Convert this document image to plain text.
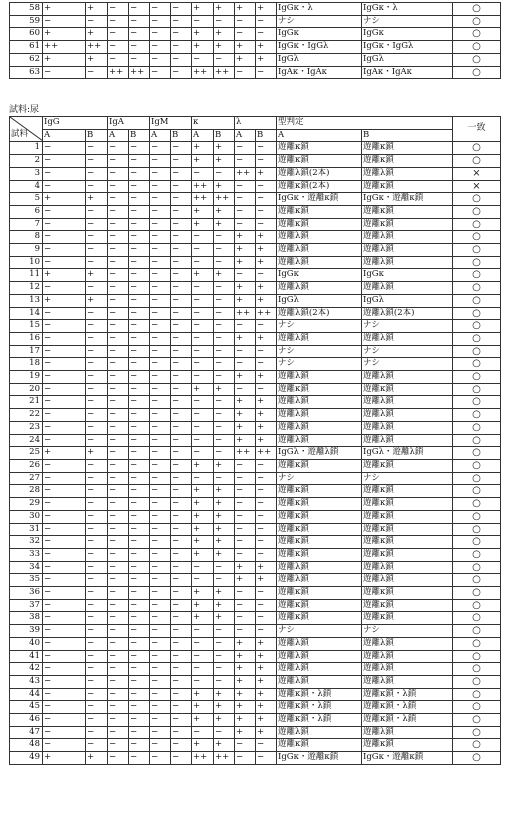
58	+	+	−	−	−	−	+	+	+	+	IgGκ・λ	IgGκ・λ	○
59	−	−	−	−	−	−	−	−	−	−	ナシ	ナシ	○
60	+	+	−	−	−	−	+	+	−	−	IgGκ	IgGκ	○
61	++	++	−	−	−	−	+	+	+	+	IgGκ・IgGλ	IgGκ・IgGλ	○
62	+	+	−	−	−	−	−	−	+	+	IgGλ	IgGλ	○
63	−	−	++	++	−	−	++	++	−	−	IgAκ・IgAκ	IgAκ・IgAκ	○
試料:尿
試料	IgG		IgA		IgM		κ		λ		型判定		一致
	A	B	A	B	A	B	A	B	A	B	A	B	
1	−	−	−	−	−	−	+	+	−	−	遊離κ鎖	遊離κ鎖	○
2	−	−	−	−	−	−	+	+	−	−	遊離κ鎖	遊離κ鎖	○
3	−	−	−	−	−	−	−	−	++	+	遊離λ鎖(2本)	遊離λ鎖	×
4	−	−	−	−	−	−	++	+	−	−	遊離κ鎖(2本)	遊離κ鎖	×
5	+	+	−	−	−	−	++	++	−	−	IgGκ・遊離κ鎖	IgGκ・遊離κ鎖	○
6	−	−	−	−	−	−	+	+	−	−	遊離κ鎖	遊離κ鎖	○
7	−	−	−	−	−	−	+	+	−	−	遊離κ鎖	遊離κ鎖	○
8	−	−	−	−	−	−	−	−	+	+	遊離λ鎖	遊離λ鎖	○
9	−	−	−	−	−	−	−	−	+	+	遊離λ鎖	遊離λ鎖	○
10	−	−	−	−	−	−	−	−	+	+	遊離λ鎖	遊離λ鎖	○
11	+	+	−	−	−	−	+	+	−	−	IgGκ	IgGκ	○
12	−	−	−	−	−	−	−	−	+	+	遊離λ鎖	遊離λ鎖	○
13	+	+	−	−	−	−	−	−	+	+	IgGλ	IgGλ	○
14	−	−	−	−	−	−	−	−	++	++	遊離λ鎖(2本)	遊離λ鎖(2本)	○
15	−	−	−	−	−	−	−	−	−	−	ナシ	ナシ	○
16	−	−	−	−	−	−	−	−	+	+	遊離λ鎖	遊離λ鎖	○
17	−	−	−	−	−	−	−	−	−	−	ナシ	ナシ	○
18	−	−	−	−	−	−	−	−	−	−	ナシ	ナシ	○
19	−	−	−	−	−	−	−	−	+	+	遊離λ鎖	遊離λ鎖	○
20	−	−	−	−	−	−	+	+	−	−	遊離κ鎖	遊離κ鎖	○
21	−	−	−	−	−	−	−	−	+	+	遊離λ鎖	遊離λ鎖	○
22	−	−	−	−	−	−	−	−	+	+	遊離λ鎖	遊離λ鎖	○
23	−	−	−	−	−	−	−	−	+	+	遊離λ鎖	遊離λ鎖	○
24	−	−	−	−	−	−	−	−	+	+	遊離λ鎖	遊離λ鎖	○
25	+	+	−	−	−	−	−	−	++	++	IgGλ・遊離λ鎖	IgGλ・遊離λ鎖	○
26	−	−	−	−	−	−	+	+	−	−	遊離κ鎖	遊離κ鎖	○
27	−	−	−	−	−	−	−	−	−	−	ナシ	ナシ	○
28	−	−	−	−	−	−	+	+	−	−	遊離κ鎖	遊離κ鎖	○
29	−	−	−	−	−	−	+	+	−	−	遊離κ鎖	遊離κ鎖	○
30	−	−	−	−	−	−	+	+	−	−	遊離κ鎖	遊離κ鎖	○
31	−	−	−	−	−	−	+	+	−	−	遊離κ鎖	遊離κ鎖	○
32	−	−	−	−	−	−	+	+	−	−	遊離κ鎖	遊離κ鎖	○
33	−	−	−	−	−	−	+	+	−	−	遊離κ鎖	遊離κ鎖	○
34	−	−	−	−	−	−	−	−	+	+	遊離λ鎖	遊離λ鎖	○
35	−	−	−	−	−	−	−	−	+	+	遊離λ鎖	遊離λ鎖	○
36	−	−	−	−	−	−	+	+	−	−	遊離κ鎖	遊離κ鎖	○
37	−	−	−	−	−	−	+	+	−	−	遊離κ鎖	遊離κ鎖	○
38	−	−	−	−	−	−	+	+	−	−	遊離κ鎖	遊離κ鎖	○
39	−	−	−	−	−	−	−	−	−	−	ナシ	ナシ	○
40	−	−	−	−	−	−	−	−	+	+	遊離λ鎖	遊離λ鎖	○
41	−	−	−	−	−	−	−	−	+	+	遊離λ鎖	遊離λ鎖	○
42	−	−	−	−	−	−	−	−	+	+	遊離λ鎖	遊離λ鎖	○
43	−	−	−	−	−	−	−	−	+	+	遊離λ鎖	遊離λ鎖	○
44	−	−	−	−	−	−	+	+	+	+	遊離κ鎖・λ鎖	遊離κ鎖・λ鎖	○
45	−	−	−	−	−	−	+	+	+	+	遊離κ鎖・λ鎖	遊離κ鎖・λ鎖	○
46	−	−	−	−	−	−	+	+	+	+	遊離κ鎖・λ鎖	遊離κ鎖・λ鎖	○
47	−	−	−	−	−	−	−	−	+	+	遊離λ鎖	遊離λ鎖	○
48	−	−	−	−	−	−	+	+	−	−	遊離κ鎖	遊離κ鎖	○
49	+	+	−	−	−	−	++	++	−	−	IgGκ・遊離κ鎖	IgGκ・遊離κ鎖	○
